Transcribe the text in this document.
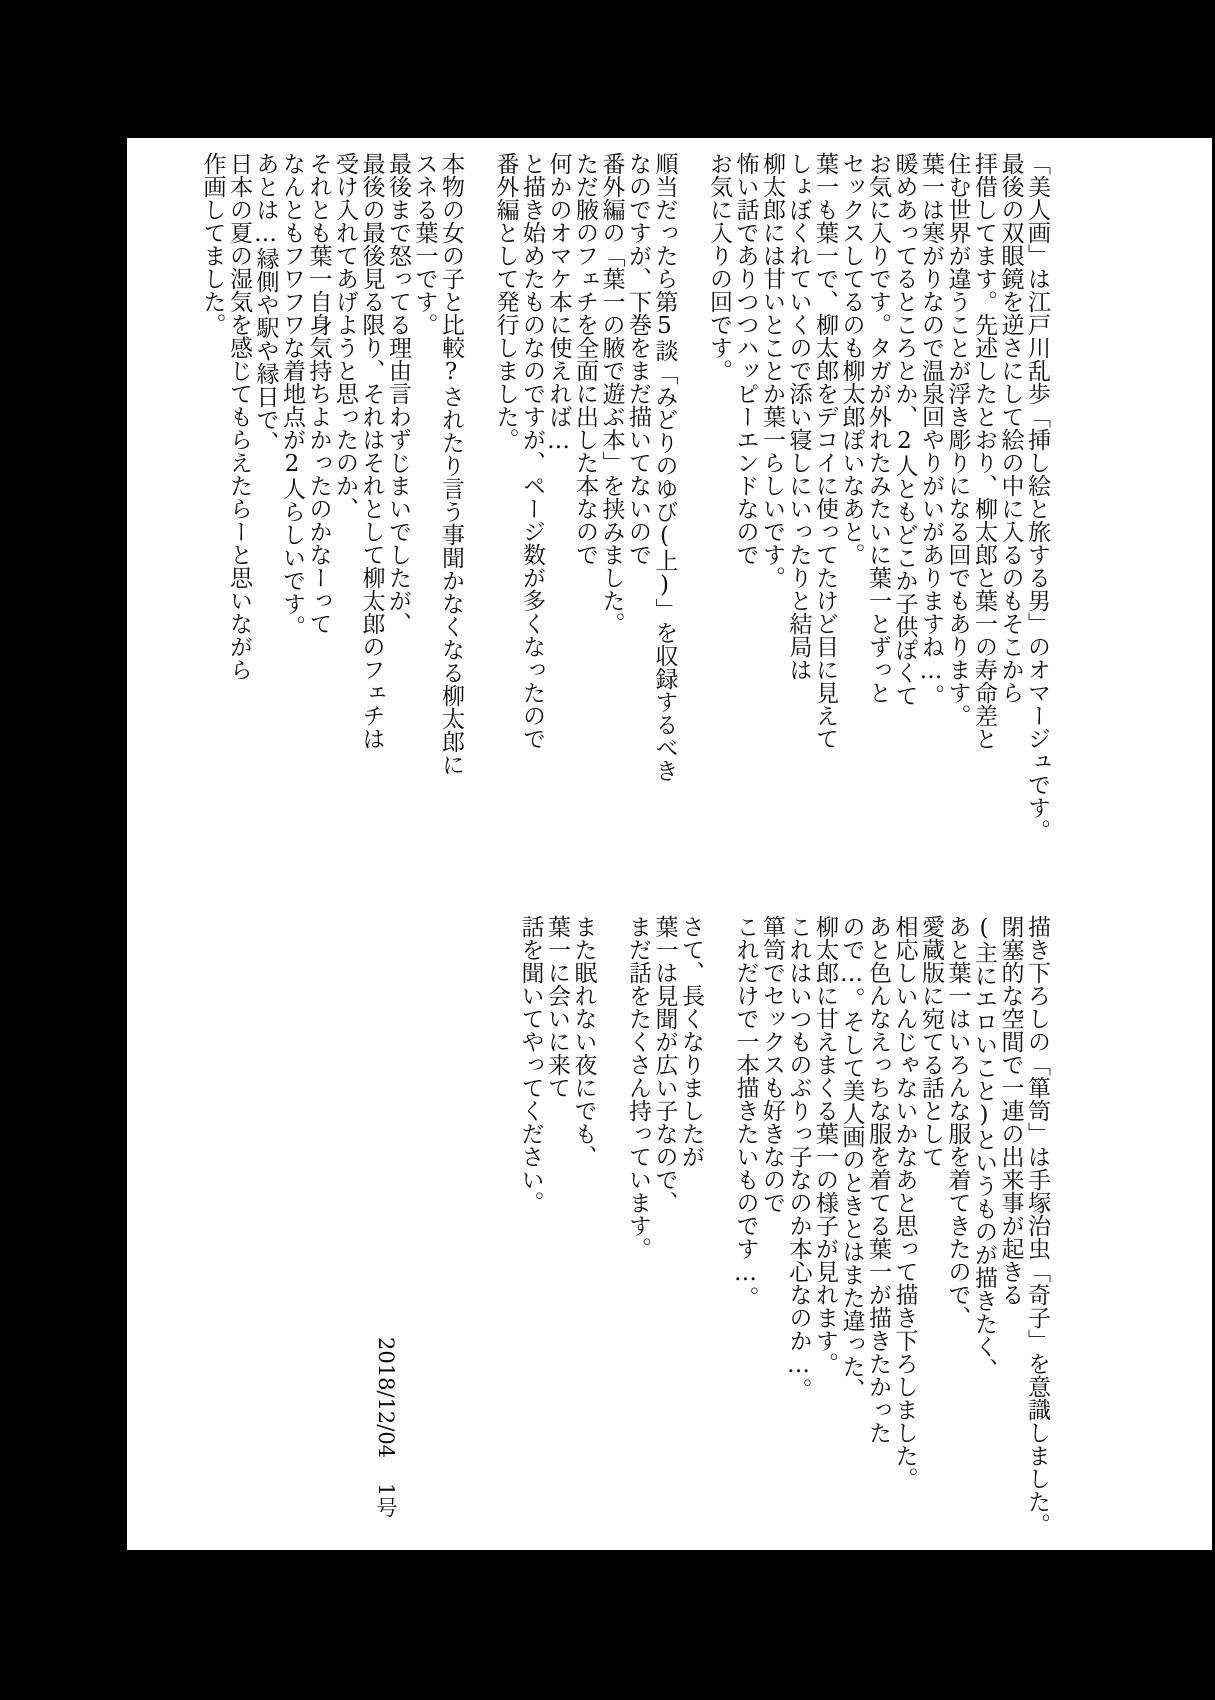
「美人画」は江戸川乱歩「挿し絵と旅する男」のオマージュです。
最後の双眼鏡を逆さにして絵の中に入るのもそこから
拝借してます。先述したとおり、柳太郎と葉一の寿命差と
住む世界が違うことが浮き彫りになる回でもあります。
葉一は寒がりなので温泉回やりがいがありますね…。
暖めあってるところとか、2人ともどこか子供ぽくて
お気に入りです。タガが外れたみたいに葉一とずっと
セックスしてるのも柳太郎ぽいなあと。
葉一も葉一で、柳太郎をデコイに使ってたけど目に見えて
しょぼくれていくので添い寝しにいったりと結局は
柳太郎には甘いとことか葉一らしいです。
怖い話でありつつハッピーエンドなので
お気に入りの回です。
順当だったら第5談「みどりのゆび(上)」を収録するべき
なのですが、下巻をまだ描いてないので
番外編の「葉一の腋で遊ぶ本」を挟みました。
ただ腋のフェチを全面に出した本なので
何かのオマケ本に使えれば…
と描き始めたものなのですが、ページ数が多くなったので
番外編として発行しました。
本物の女の子と比較?されたり言う事聞かなくなる柳太郎に
スネる葉一です。
最後まで怒ってる理由言わずじまいでしたが、
最後の最後見る限り、それはそれとして柳太郎のフェチは
受け入れてあげようと思ったのか、
それとも葉一自身気持ちよかったのかなーって
なんともフワフワな着地点が2人らしいです。
あとは…縁側や駅や縁日で、
日本の夏の湿気を感じてもらえたらーと思いながら
作画してました。
描き下ろしの「箪笥」は手塚治虫「奇子」を意識しました。
閉塞的な空間で一連の出来事が起きる
(主にエロいこと)というものが描きたく、
あと葉一はいろんな服を着てきたので、
愛蔵版に宛てる話として
相応しいんじゃないかなあと思って描き下ろしました。
あと色んなえっちな服を着てる葉一が描きたかった
ので…。そして美人画のときとはまた違った、
柳太郎に甘えまくる葉一の様子が見れます。
これはいつものぶりっ子なのか本心なのか…。
箪笥でセックスも好きなので
これだけで一本描きたいものです…。
さて、長くなりましたが
葉一は見聞が広い子なので、
まだ話をたくさん持っています。
また眠れない夜にでも、
葉一に会いに来て
話を聞いてやってください。
2018/12/04 1号
